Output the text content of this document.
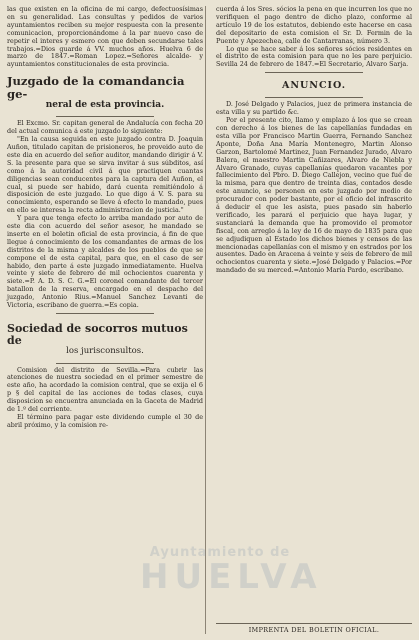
las que existen en la oficina de mi cargo, defectuosísimas en su generalidad. Las consultas y pedidos de varios ayuntamientos reciben su mejor respuesta con la presente comunicacion, proporcionándome á la par nuevo caso de repetir el interes y esmero con que deben secundarse tales trabajos.=Dios guarde á VV. muchos años. Huelva 6 de marzo de 1847.=Roman Lopez.=Señores alcalde- y ayuntamientos constitucionales de esta provincia.

Juzgado de la comandancia ge-
neral de esta provincia.

El Excmo. Sr. capitan general de Andalucía con fecha 20 del actual comunica á este juzgado lo siguiente:

"En la causa seguida en este juzgado contra D. Joaquin Auñon, titulado capitan de prisioneros, he proveido auto de este dia en acuerdo del señor auditor, mandando dirigir á V. S. la presente para que se sirva invitar á sus súbditos, así como á la autoridad civil á que practiquen cuantas diligencias sean conducentes para la captura del Auñon, el cual, si puede ser habido, dará cuenta remitiéndolo á disposicion de este juzgado. Lo que digo á V. S. para su conocimiento, esperando se lleve á efecto lo mandado, pues en ello se interesa la recta administracion de justicia."

Y para que tenga efecto lo arriba mandado por auto de este dia con acuerdo del señor asesor, he mandado se inserte en el boletin oficial de esta provincia, á fin de que llegue á conocimiento de los comandantes de armas de los distritos de la misma y alcaldes de los pueblos de que se compone el de esta capital, para que, en el caso de ser habido, den parte á este juzgado inmediatamente. Huelva veinte y siete de febrero de mil ochocientos cuarenta y siete.=P. A. D. S. C. G.=El coronel comandante del tercer batallon de la reserva, encargado en el despacho del juzgado, Antonio Rius.=Manuel Sanchez Levanti de Victoria, escribano de guerra.=Es copia.

Sociedad de socorros mutuos de
los jurisconsultos.

Comision del distrito de Sevilla.=Para cubrir las atenciones de nuestra sociedad en el primer semestre de este año, ha acordado la comision central, que se exija el 6 p § del capital de las acciones de todas clases, cuya disposicion se encuentra anunciada en la Gaceta de Madrid de 1.º del corriente.

El término para pagar este dividendo cumple el 30 de abril próximo, y la comision re-

cuerda á los Sres. sócios la pena en que incurren los que no verifiquen el pago dentro de dicho plazo, conforme al artículo 19 de los estatutos, debiendo este hacerse en casa del depositario de esta comision el Sr. D. Fermin de la Puente y Apezechea, calle de Cantarranas, número 3.

Lo que se hace saber á los señores sócios residentes en el distrito de esta comision para que no les pare perjuicio. Sevilla 24 de febrero de 1847.=El Secretario, Alvaro Sarja.

ANUNCIO.

D. José Delgado y Palacios, juez de primera instancia de esta villa y su partido &c.

Por el presente cito, llamo y emplazo á los que se crean con derecho á los bienes de las capellanías fundadas en esta villa por Francisco Martin Guerra, Fernando Sanchez Aponte, Doña Ana María Montenegro, Martin Alonso Garzon, Bartolomé Martinez, Juan Fernandez Jurado, Alvaro Balera, el maestro Martin Cañizares, Alvaro de Niebla y Alvaro Granado, cuyas capellanías quedaron vacantes por fallecimiento del Pbro. D. Diego Callejon, vecino que fué de la misma, para que dentro de treinta dias, contados desde este anuncio, se personen en este juzgado por medio de procurador con poder bastante, por el oficio del infrascrito á deducir el que les asista, pues pasado sin haberlo verificado, les parará el perjuicio que haya lugar, y sustanciará la demanda que ha promovido el promotor fiscal, con arreglo á la ley de 16 de mayo de 1835 para que se adjudiquen al Estado los dichos bienes y censos de las mencionadas capellanías con el mismo y en estrados por los ausentes. Dado en Aracena á veinte y seis de febrero de mil ochocientos cuarenta y siete.=José Delgado y Palacios.=Por mandado de su merced.=Antonio María Pardo, escribano.

IMPRENTA DEL BOLETIN OFICIAL.
Ayuntamiento de
HUELVA
